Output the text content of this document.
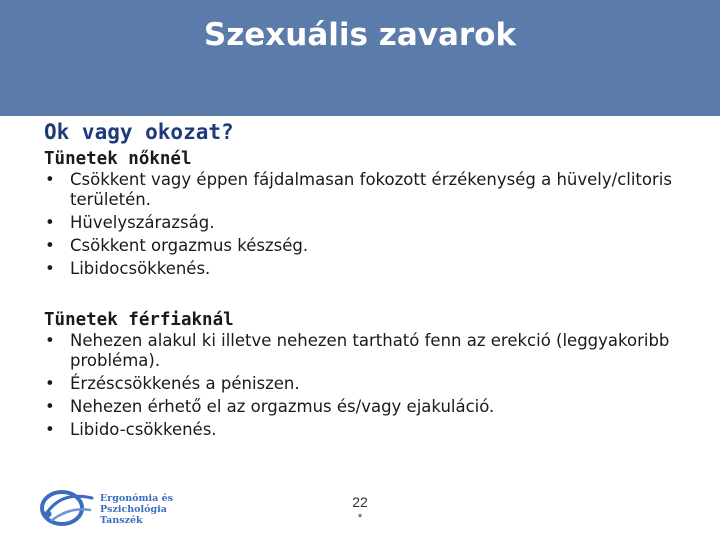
Szexuális zavarok
Ok vagy okozat?
Tünetek nőknél
• Csökkent vagy éppen fájdalmasan fokozott érzékenység a hüvely/clitoris területén.
• Hüvelyszárazság.
• Csökkent orgazmus készség.
• Libidocsökkenés.
Tünetek férfiaknál
• Nehezen alakul ki illetve nehezen tartható fenn az erekció (leggyakoribb probléma).
• Érzéscsökkenés a péniszen.
• Nehezen érhető el az orgazmus és/vagy ejakuláció.
• Libido-csökkenés.
Ergonómia és
Pszichológia
Tanszék
22
*
